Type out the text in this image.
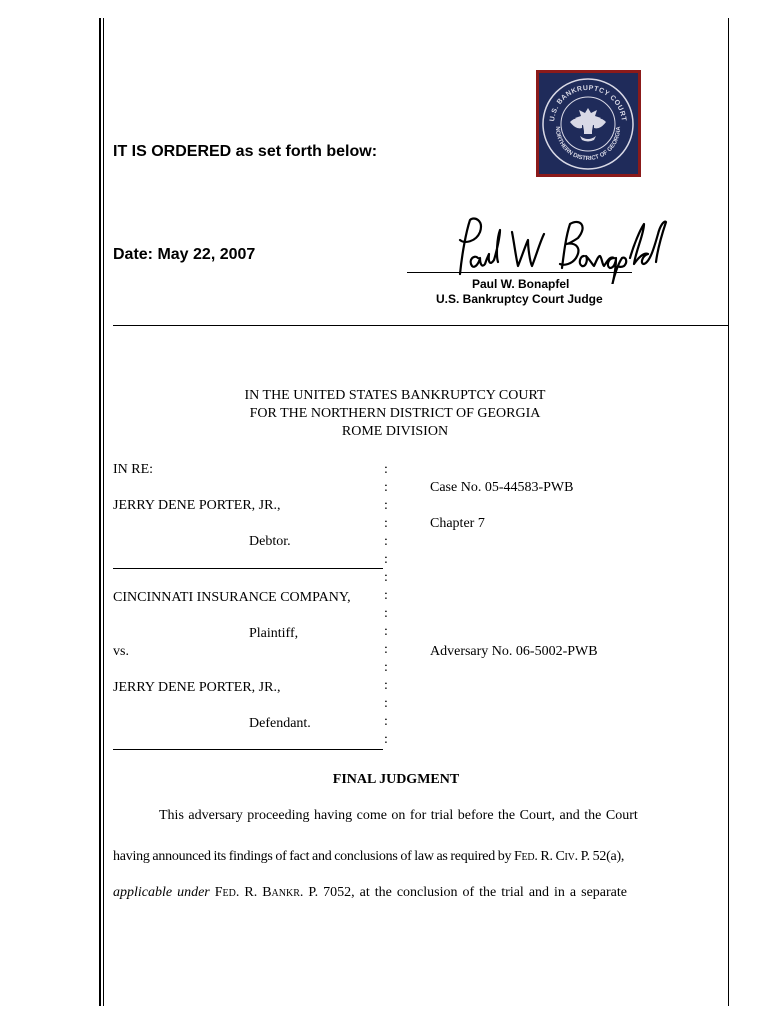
IT IS ORDERED as set forth below:
Date: May 22, 2007
U.S. BANKRUPTCY COURT
NORTHERN DISTRICT OF GEORGIA
Paul W. Bonapfel
U.S. Bankruptcy Court Judge
IN THE UNITED STATES BANKRUPTCY COURT
FOR THE NORTHERN DISTRICT OF GEORGIA
ROME DIVISION
IN RE:
JERRY DENE PORTER, JR.,
Debtor.
CINCINNATI INSURANCE COMPANY,
Plaintiff,
vs.
JERRY DENE PORTER, JR.,
Defendant.
:
:
:
:
:
:
:
:
:
:
:
:
:
:
:
:
Case No. 05-44583-PWB
Chapter 7
Adversary No. 06-5002-PWB
FINAL JUDGMENT
This adversary proceeding having come on for trial before the Court, and the Court
having announced its findings of fact and conclusions of law as required by Fed. R. Civ. P. 52(a),
applicable under Fed. R. Bankr. P. 7052, at the conclusion of the trial and in a separate
